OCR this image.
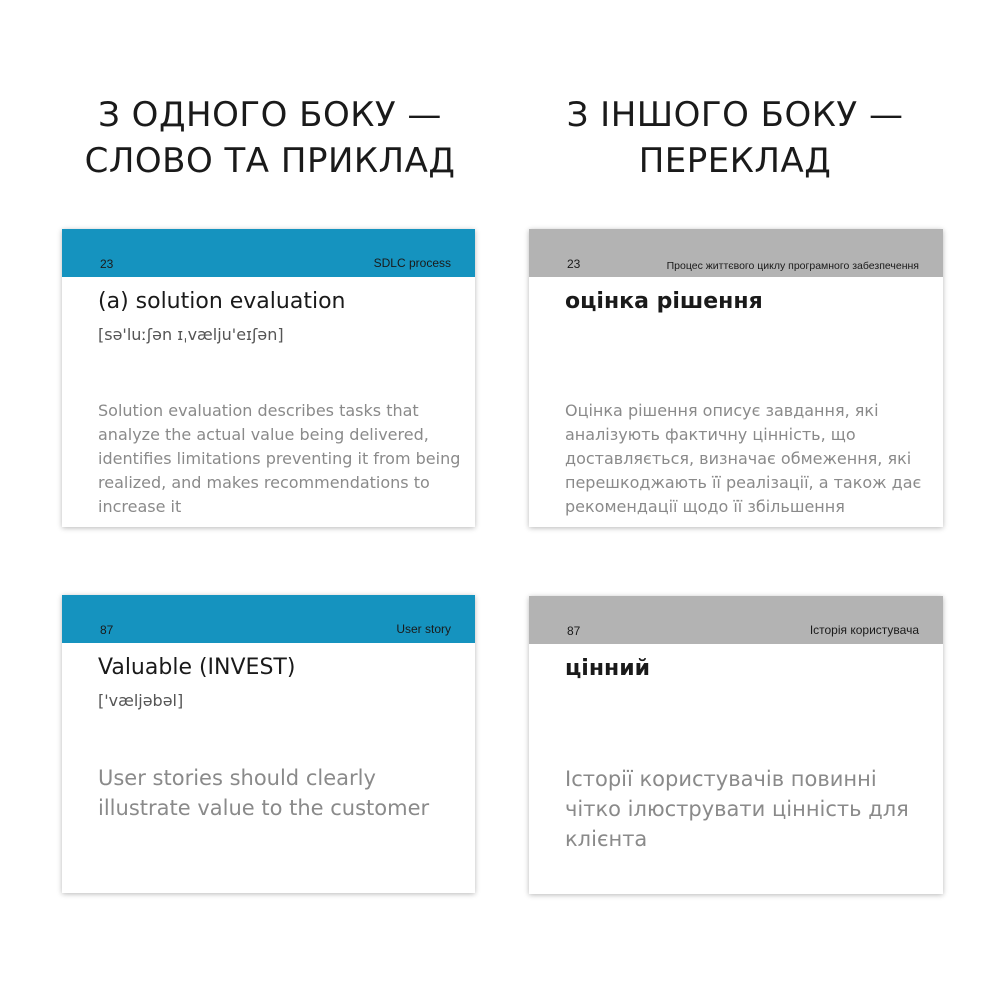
З ОДНОГО БОКУ —
СЛОВО ТА ПРИКЛАД
З ІНШОГО БОКУ —
ПЕРЕКЛАД
23	SDLC process
(a) solution evaluation
[sə'luːʃən ɪˌvælju'eɪʃən]
Solution evaluation describes tasks that analyze the actual value being delivered, identifies limitations preventing it from being realized, and makes recommendations to increase it
23	Процес життєвого циклу програмного забезпечення
оцінка рішення
Оцінка рішення описує завдання, які аналізують фактичну цінність, що доставляється, визначає обмеження, які перешкоджають її реалізації, а також дає рекомендації щодо її збільшення
87	User story
Valuable (INVEST)
['væljəbəl]
User stories should clearly illustrate value to the customer
87	Історія користувача
цінний
Історії користувачів повинні чітко ілюструвати цінність для клієнта
